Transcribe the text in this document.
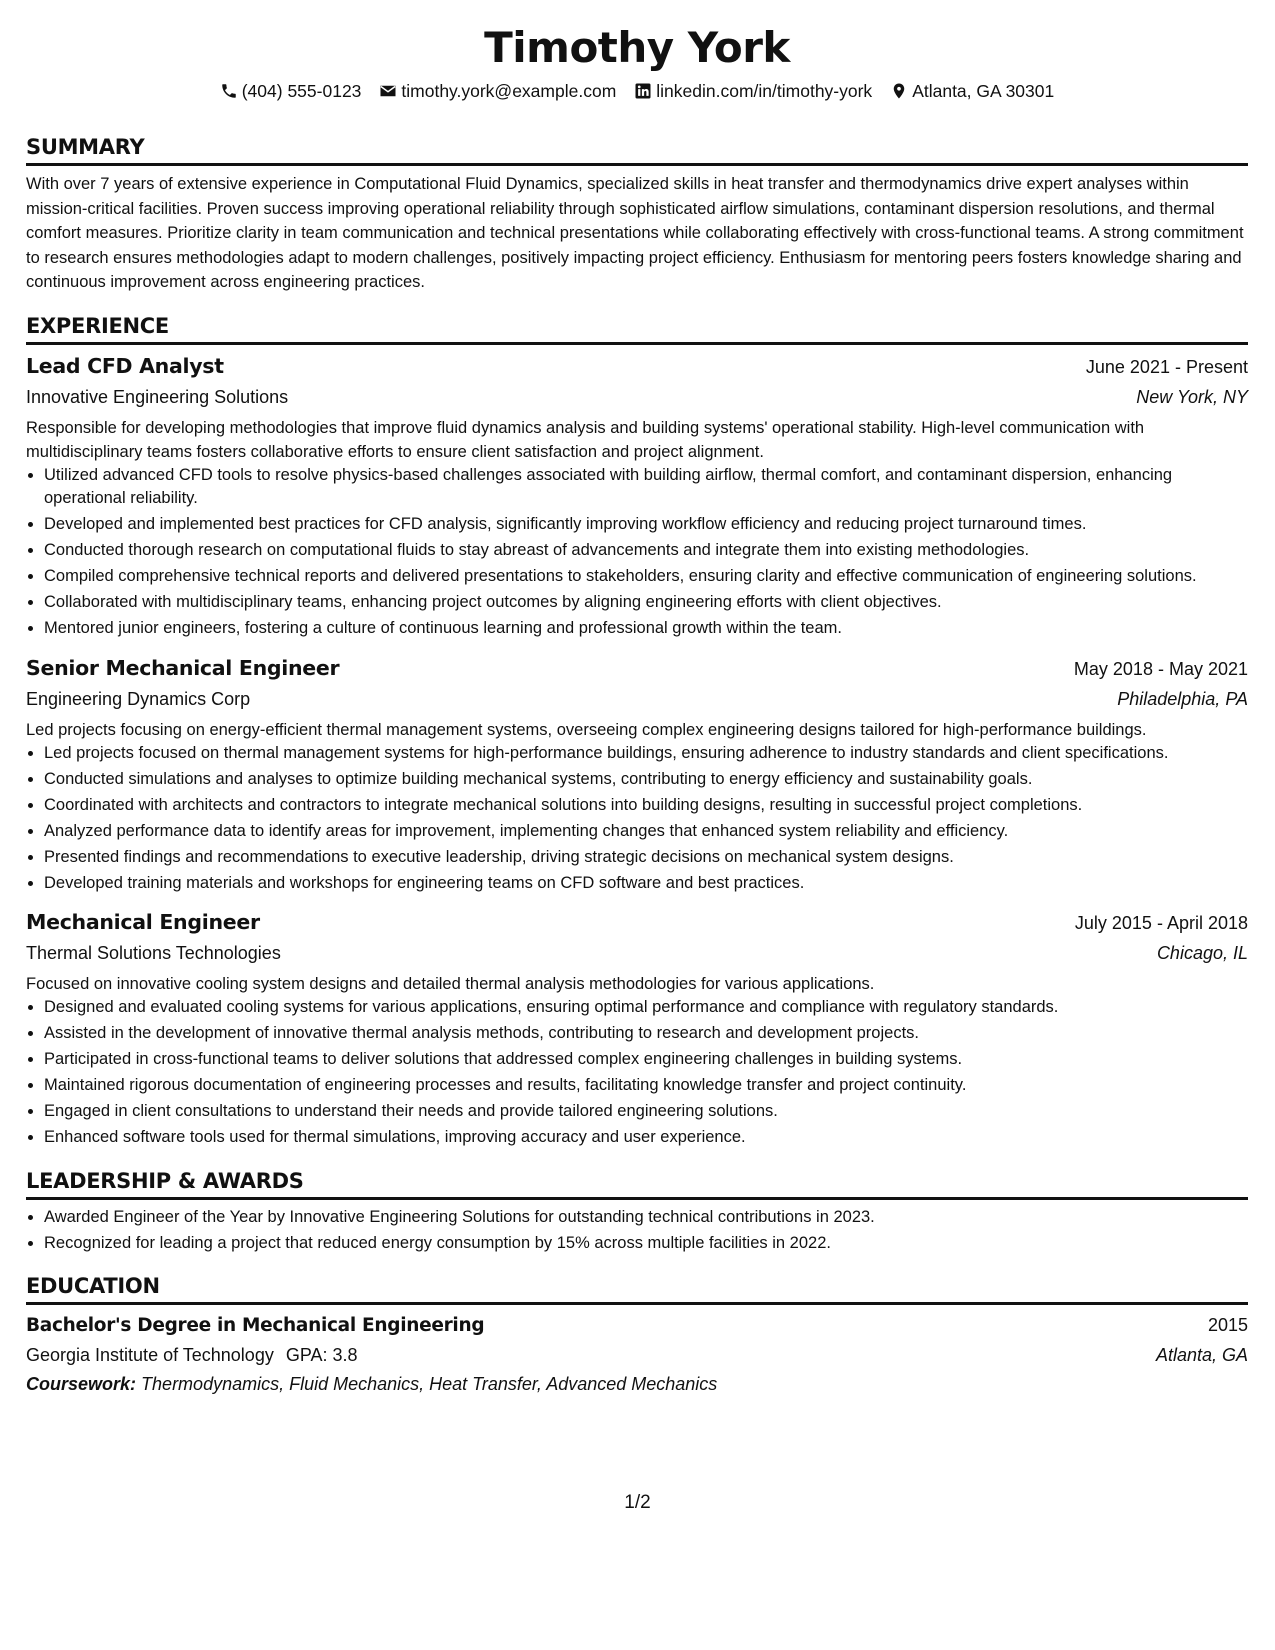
Timothy York
(404) 555-0123 timothy.york@example.com linkedin.com/in/timothy-york Atlanta, GA 30301
SUMMARY
With over 7 years of extensive experience in Computational Fluid Dynamics, specialized skills in heat transfer and thermodynamics drive expert analyses within mission-critical facilities. Proven success improving operational reliability through sophisticated airflow simulations, contaminant dispersion resolutions, and thermal comfort measures. Prioritize clarity in team communication and technical presentations while collaborating effectively with cross-functional teams. A strong commitment to research ensures methodologies adapt to modern challenges, positively impacting project efficiency. Enthusiasm for mentoring peers fosters knowledge sharing and continuous improvement across engineering practices.
EXPERIENCE
Lead CFD Analyst	June 2021 - Present
Innovative Engineering Solutions	New York, NY
Responsible for developing methodologies that improve fluid dynamics analysis and building systems' operational stability. High-level communication with multidisciplinary teams fosters collaborative efforts to ensure client satisfaction and project alignment.
• Utilized advanced CFD tools to resolve physics-based challenges associated with building airflow, thermal comfort, and contaminant dispersion, enhancing operational reliability.
• Developed and implemented best practices for CFD analysis, significantly improving workflow efficiency and reducing project turnaround times.
• Conducted thorough research on computational fluids to stay abreast of advancements and integrate them into existing methodologies.
• Compiled comprehensive technical reports and delivered presentations to stakeholders, ensuring clarity and effective communication of engineering solutions.
• Collaborated with multidisciplinary teams, enhancing project outcomes by aligning engineering efforts with client objectives.
• Mentored junior engineers, fostering a culture of continuous learning and professional growth within the team.
Senior Mechanical Engineer	May 2018 - May 2021
Engineering Dynamics Corp	Philadelphia, PA
Led projects focusing on energy-efficient thermal management systems, overseeing complex engineering designs tailored for high-performance buildings.
• Led projects focused on thermal management systems for high-performance buildings, ensuring adherence to industry standards and client specifications.
• Conducted simulations and analyses to optimize building mechanical systems, contributing to energy efficiency and sustainability goals.
• Coordinated with architects and contractors to integrate mechanical solutions into building designs, resulting in successful project completions.
• Analyzed performance data to identify areas for improvement, implementing changes that enhanced system reliability and efficiency.
• Presented findings and recommendations to executive leadership, driving strategic decisions on mechanical system designs.
• Developed training materials and workshops for engineering teams on CFD software and best practices.
Mechanical Engineer	July 2015 - April 2018
Thermal Solutions Technologies	Chicago, IL
Focused on innovative cooling system designs and detailed thermal analysis methodologies for various applications.
• Designed and evaluated cooling systems for various applications, ensuring optimal performance and compliance with regulatory standards.
• Assisted in the development of innovative thermal analysis methods, contributing to research and development projects.
• Participated in cross-functional teams to deliver solutions that addressed complex engineering challenges in building systems.
• Maintained rigorous documentation of engineering processes and results, facilitating knowledge transfer and project continuity.
• Engaged in client consultations to understand their needs and provide tailored engineering solutions.
• Enhanced software tools used for thermal simulations, improving accuracy and user experience.
LEADERSHIP & AWARDS
• Awarded Engineer of the Year by Innovative Engineering Solutions for outstanding technical contributions in 2023.
• Recognized for leading a project that reduced energy consumption by 15% across multiple facilities in 2022.
EDUCATION
Bachelor's Degree in Mechanical Engineering	2015
Georgia Institute of Technology GPA: 3.8	Atlanta, GA
Coursework: Thermodynamics, Fluid Mechanics, Heat Transfer, Advanced Mechanics
1/2
